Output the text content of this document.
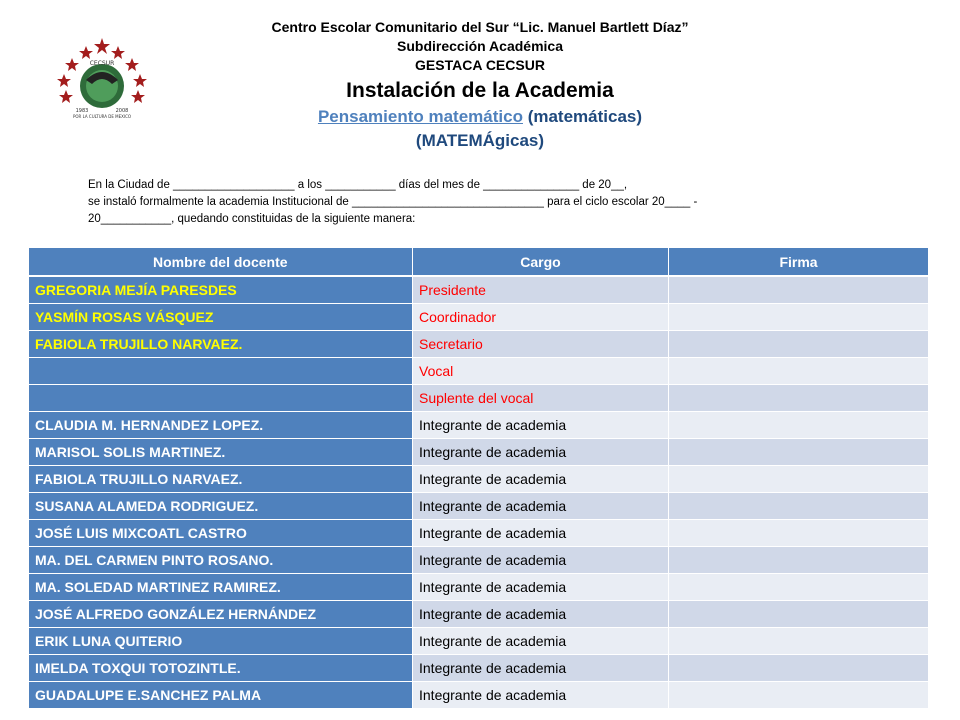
CECSUR
1983	2008
POR LA CULTURA DE MEXICO
Centro Escolar Comunitario del Sur “Lic. Manuel Bartlett Díaz”
Subdirección Académica
GESTACA CECSUR
Instalación de la Academia
Pensamiento matemático (matemáticas)
(MATEMÁgicas)
En la Ciudad de ___________________ a los ___________ días del mes de _______________ de 20__,
se instaló formalmente la academia Institucional de ______________________________ para el ciclo escolar 20____ -
20___________, quedando constituidas de la siguiente manera:
Nombre del docente	Cargo	Firma
GREGORIA MEJÍA PARESDES	Presidente	
YASMÍN ROSAS VÁSQUEZ	Coordinador	
FABIOLA TRUJILLO NARVAEZ.	Secretario	
	Vocal	
	Suplente del vocal	
CLAUDIA M. HERNANDEZ LOPEZ.	Integrante de academia	
MARISOL SOLIS MARTINEZ.	Integrante de academia	
FABIOLA TRUJILLO NARVAEZ.	Integrante de academia	
SUSANA ALAMEDA RODRIGUEZ.	Integrante de academia	
JOSÉ LUIS MIXCOATL CASTRO	Integrante de academia	
MA. DEL CARMEN PINTO ROSANO.	Integrante de academia	
MA. SOLEDAD MARTINEZ RAMIREZ.	Integrante de academia	
JOSÉ ALFREDO GONZÁLEZ HERNÁNDEZ	Integrante de academia	
ERIK LUNA QUITERIO	Integrante de academia	
IMELDA TOXQUI TOTOZINTLE.	Integrante de academia	
GUADALUPE E.SANCHEZ PALMA	Integrante de academia	
